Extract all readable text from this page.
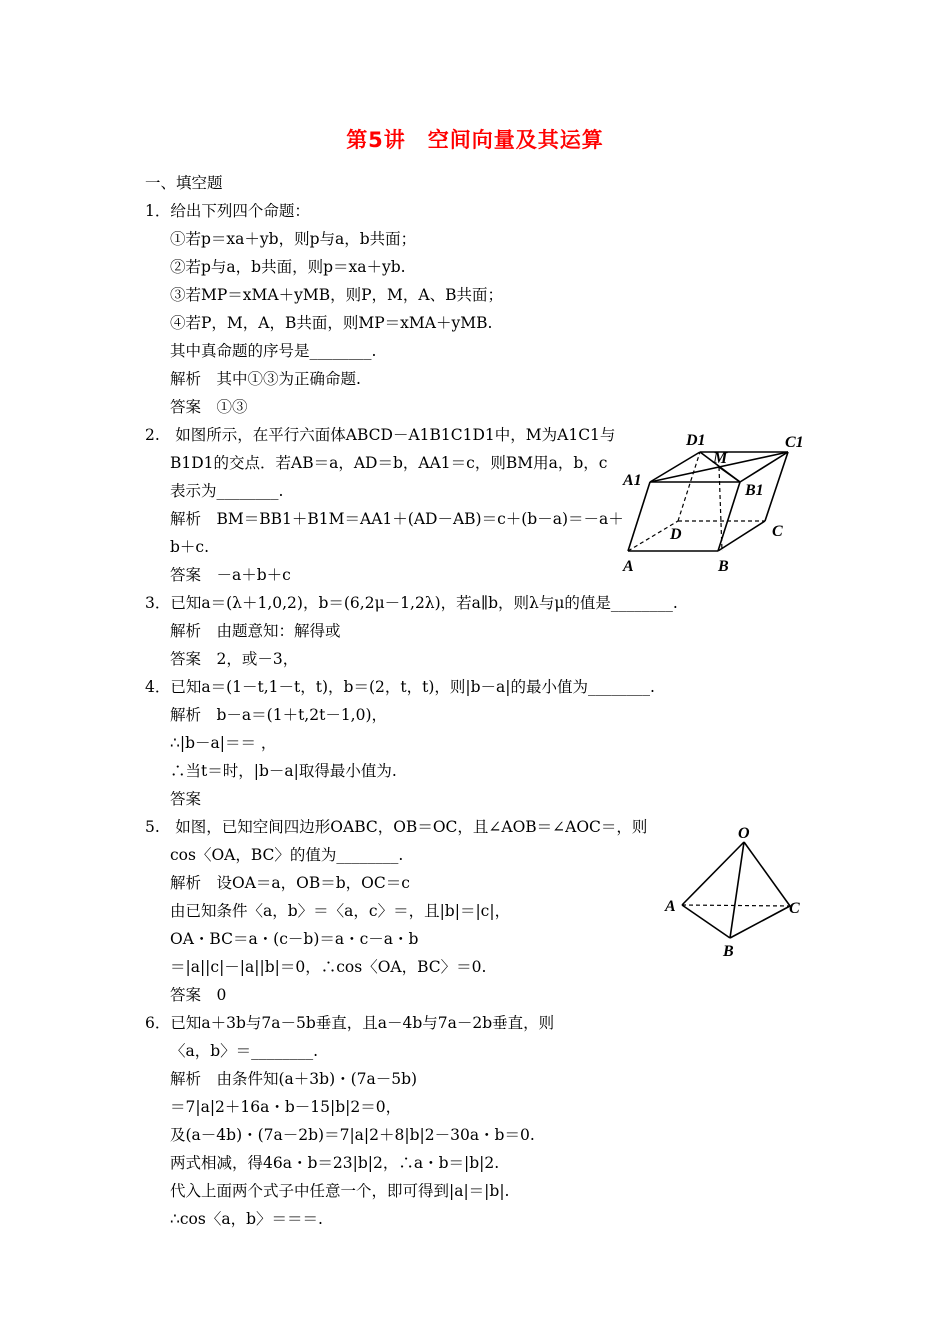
第5讲　空间向量及其运算
一、填空题
1．给出下列四个命题：
①若p＝xa＋yb，则p与a，b共面；
②若p与a，b共面，则p＝xa＋yb.
③若MP＝xMA＋yMB，则P，M，A、B共面；
④若P，M，A，B共面，则MP＝xMA＋yMB.
其中真命题的序号是________.
解析　其中①③为正确命题.
答案　①③
2.　如图所示，在平行六面体ABCD－A1B1C1D1中，M为A1C1与
B1D1的交点．若AB＝a，AD＝b，AA1＝c，则BM用a，b，c
表示为________.
解析　BM＝BB1＋B1M＝AA1＋(AD－AB)＝c＋(b－a)＝－a＋
b＋c.
答案　－a＋b＋c
3．已知a＝(λ＋1,0,2)，b＝(6,2μ－1,2λ)，若a∥b，则λ与μ的值是________.
解析　由题意知：解得或
答案　2，或－3，
4．已知a＝(1－t,1－t，t)，b＝(2，t，t)，则|b－a|的最小值为________.
解析　b－a＝(1＋t,2t－1,0)，
∴|b－a|＝＝ ，
∴当t＝时，|b－a|取得最小值为.
答案
5.　如图，已知空间四边形OABC，OB＝OC，且∠AOB＝∠AOC＝，则
cos〈OA，BC〉的值为________.
解析　设OA＝a，OB＝b，OC＝c
由已知条件〈a，b〉＝〈a，c〉＝，且|b|＝|c|，
OA・BC＝a・(c－b)＝a・c－a・b
＝|a||c|－|a||b|＝0，∴cos〈OA，BC〉＝0.
答案　0
6．已知a＋3b与7a－5b垂直，且a－4b与7a－2b垂直，则
〈a，b〉＝________.
解析　由条件知(a＋3b)・(7a－5b)
＝7|a|2＋16a・b－15|b|2＝0，
及(a－4b)・(7a－2b)＝7|a|2＋8|b|2－30a・b＝0.
两式相减，得46a・b＝23|b|2，∴a・b＝|b|2.
代入上面两个式子中任意一个，即可得到|a|＝|b|.
∴cos〈a，b〉＝＝＝.
D1
M
C1
A1
B1
D	C
A	B
O
A	C
B
